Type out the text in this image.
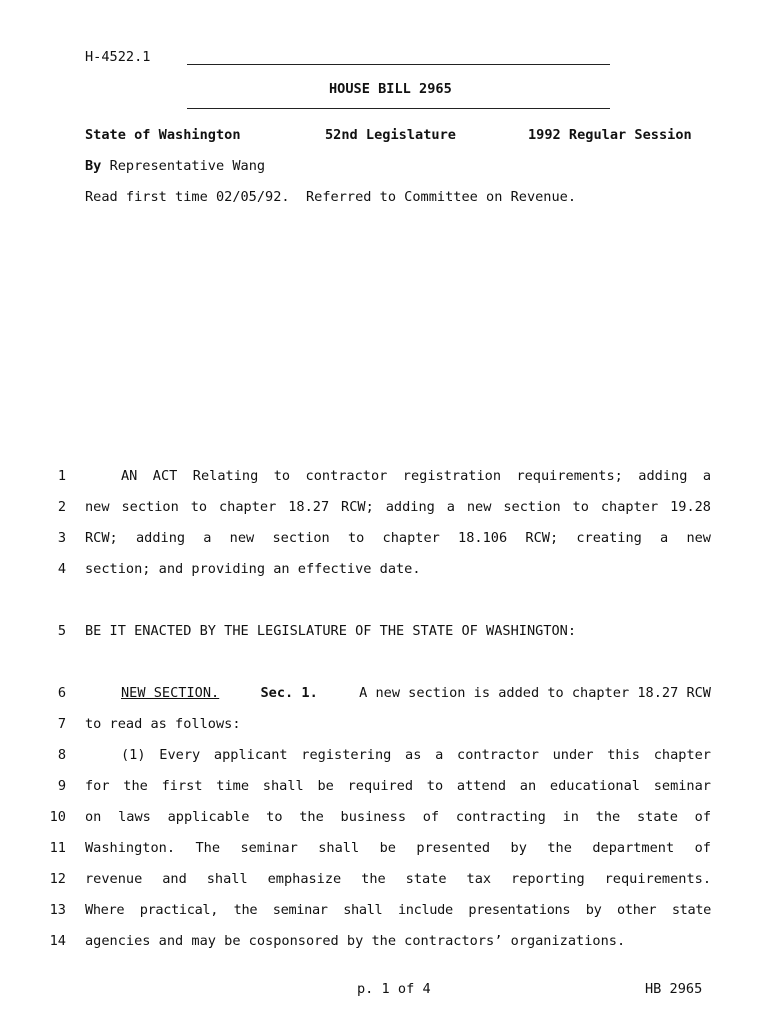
H-4522.1
HOUSE BILL 2965
State of Washington	52nd Legislature	1992 Regular Session
By Representative Wang
Read first time 02/05/92.  Referred to Committee on Revenue.
1	AN ACT Relating to contractor registration requirements; adding a
2 new section to chapter 18.27 RCW; adding a new section to chapter 19.28
3 RCW; adding a new section to chapter 18.106 RCW; creating a new
4 section; and providing an effective date.
5 BE IT ENACTED BY THE LEGISLATURE OF THE STATE OF WASHINGTON:
6	NEW SECTION.	Sec. 1.	A new section is added to chapter 18.27 RCW
7 to read as follows:
8	(1) Every applicant registering as a contractor under this chapter
9 for the first time shall be required to attend an educational seminar
10 on laws applicable to the business of contracting in the state of
11 Washington. The seminar shall be presented by the department of
12 revenue and shall emphasize the state tax reporting requirements.
13 Where practical, the seminar shall include presentations by other state
14 agencies and may be cosponsored by the contractors’ organizations.
p. 1 of 4	HB 2965
